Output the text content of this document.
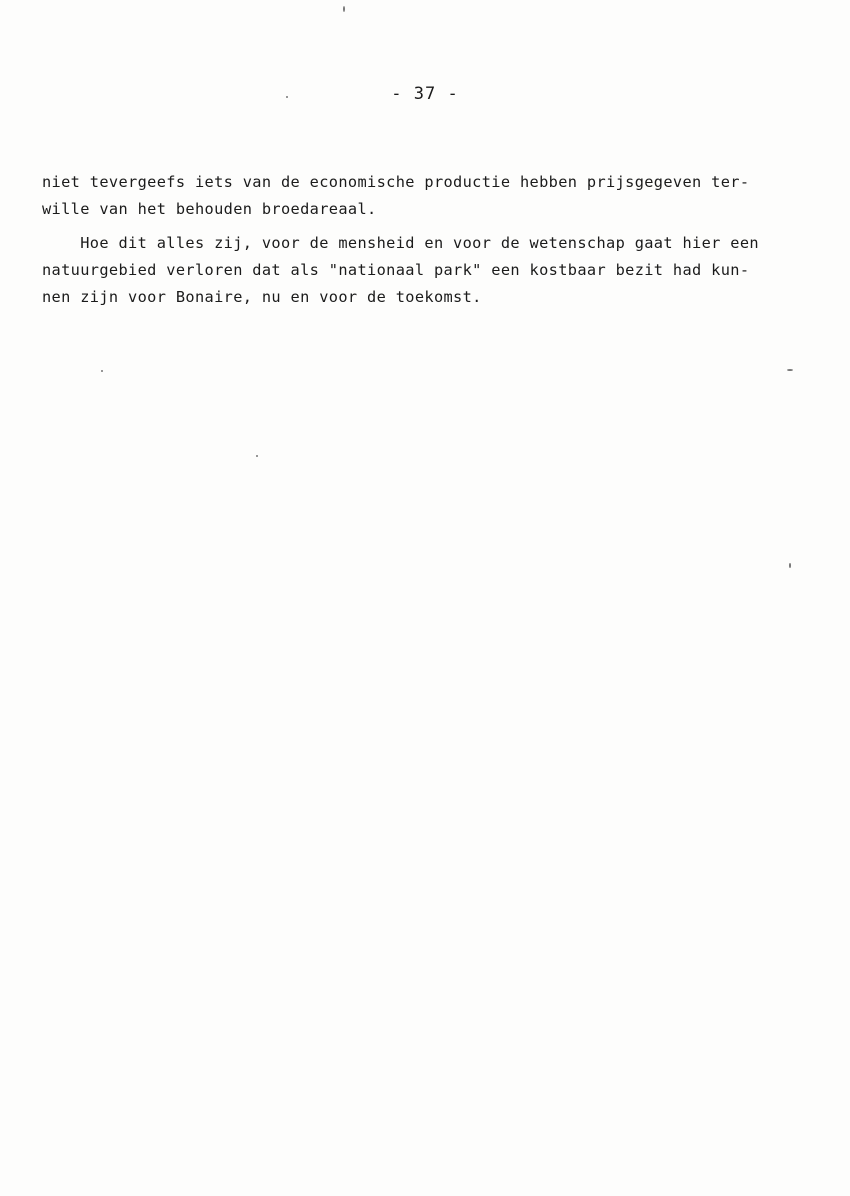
- 37 -
niet tevergeefs iets van de economische productie hebben prijsgegeven ter-
wille van het behouden broedareaal.
Hoe dit alles zij, voor de mensheid en voor de wetenschap gaat hier een
natuurgebied verloren dat als "nationaal park" een kostbaar bezit had kun-
nen zijn voor Bonaire, nu en voor de toekomst.
